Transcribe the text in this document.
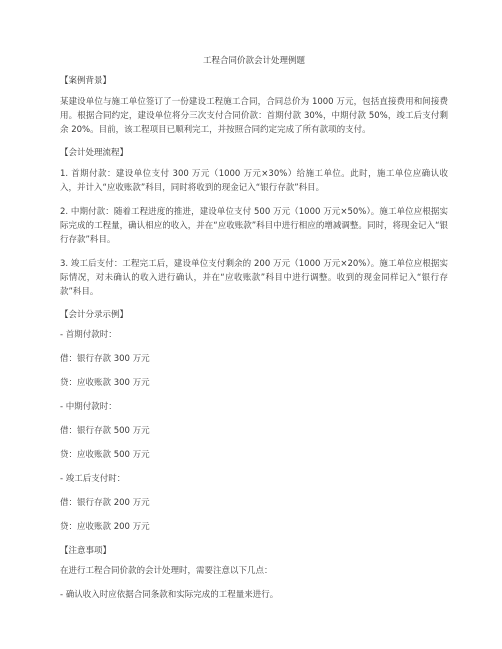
工程合同价款会计处理例题
【案例背景】
某建设单位与施工单位签订了一份建设工程施工合同，合同总价为 1000 万元，包括直接费用和间接费用。根据合同约定，建设单位将分三次支付合同价款：首期付款 30%，中期付款 50%，竣工后支付剩余 20%。目前，该工程项目已顺利完工，并按照合同约定完成了所有款项的支付。
【会计处理流程】
1. 首期付款：建设单位支付 300 万元（1000 万元×30%）给施工单位。此时，施工单位应确认收入，并计入“应收账款”科目，同时将收到的现金记入“银行存款”科目。
2. 中期付款：随着工程进度的推进，建设单位支付 500 万元（1000 万元×50%）。施工单位应根据实际完成的工程量，确认相应的收入，并在“应收账款”科目中进行相应的增减调整。同时，将现金记入“银行存款”科目。
3. 竣工后支付：工程完工后，建设单位支付剩余的 200 万元（1000 万元×20%）。施工单位应根据实际情况，对未确认的收入进行确认，并在“应收账款”科目中进行调整。收到的现金同样记入“银行存款”科目。
【会计分录示例】
- 首期付款时：
借：银行存款 300 万元
贷：应收账款 300 万元
- 中期付款时：
借：银行存款 500 万元
贷：应收账款 500 万元
- 竣工后支付时：
借：银行存款 200 万元
贷：应收账款 200 万元
【注意事项】
在进行工程合同价款的会计处理时，需要注意以下几点：
- 确认收入时应依据合同条款和实际完成的工程量来进行。
